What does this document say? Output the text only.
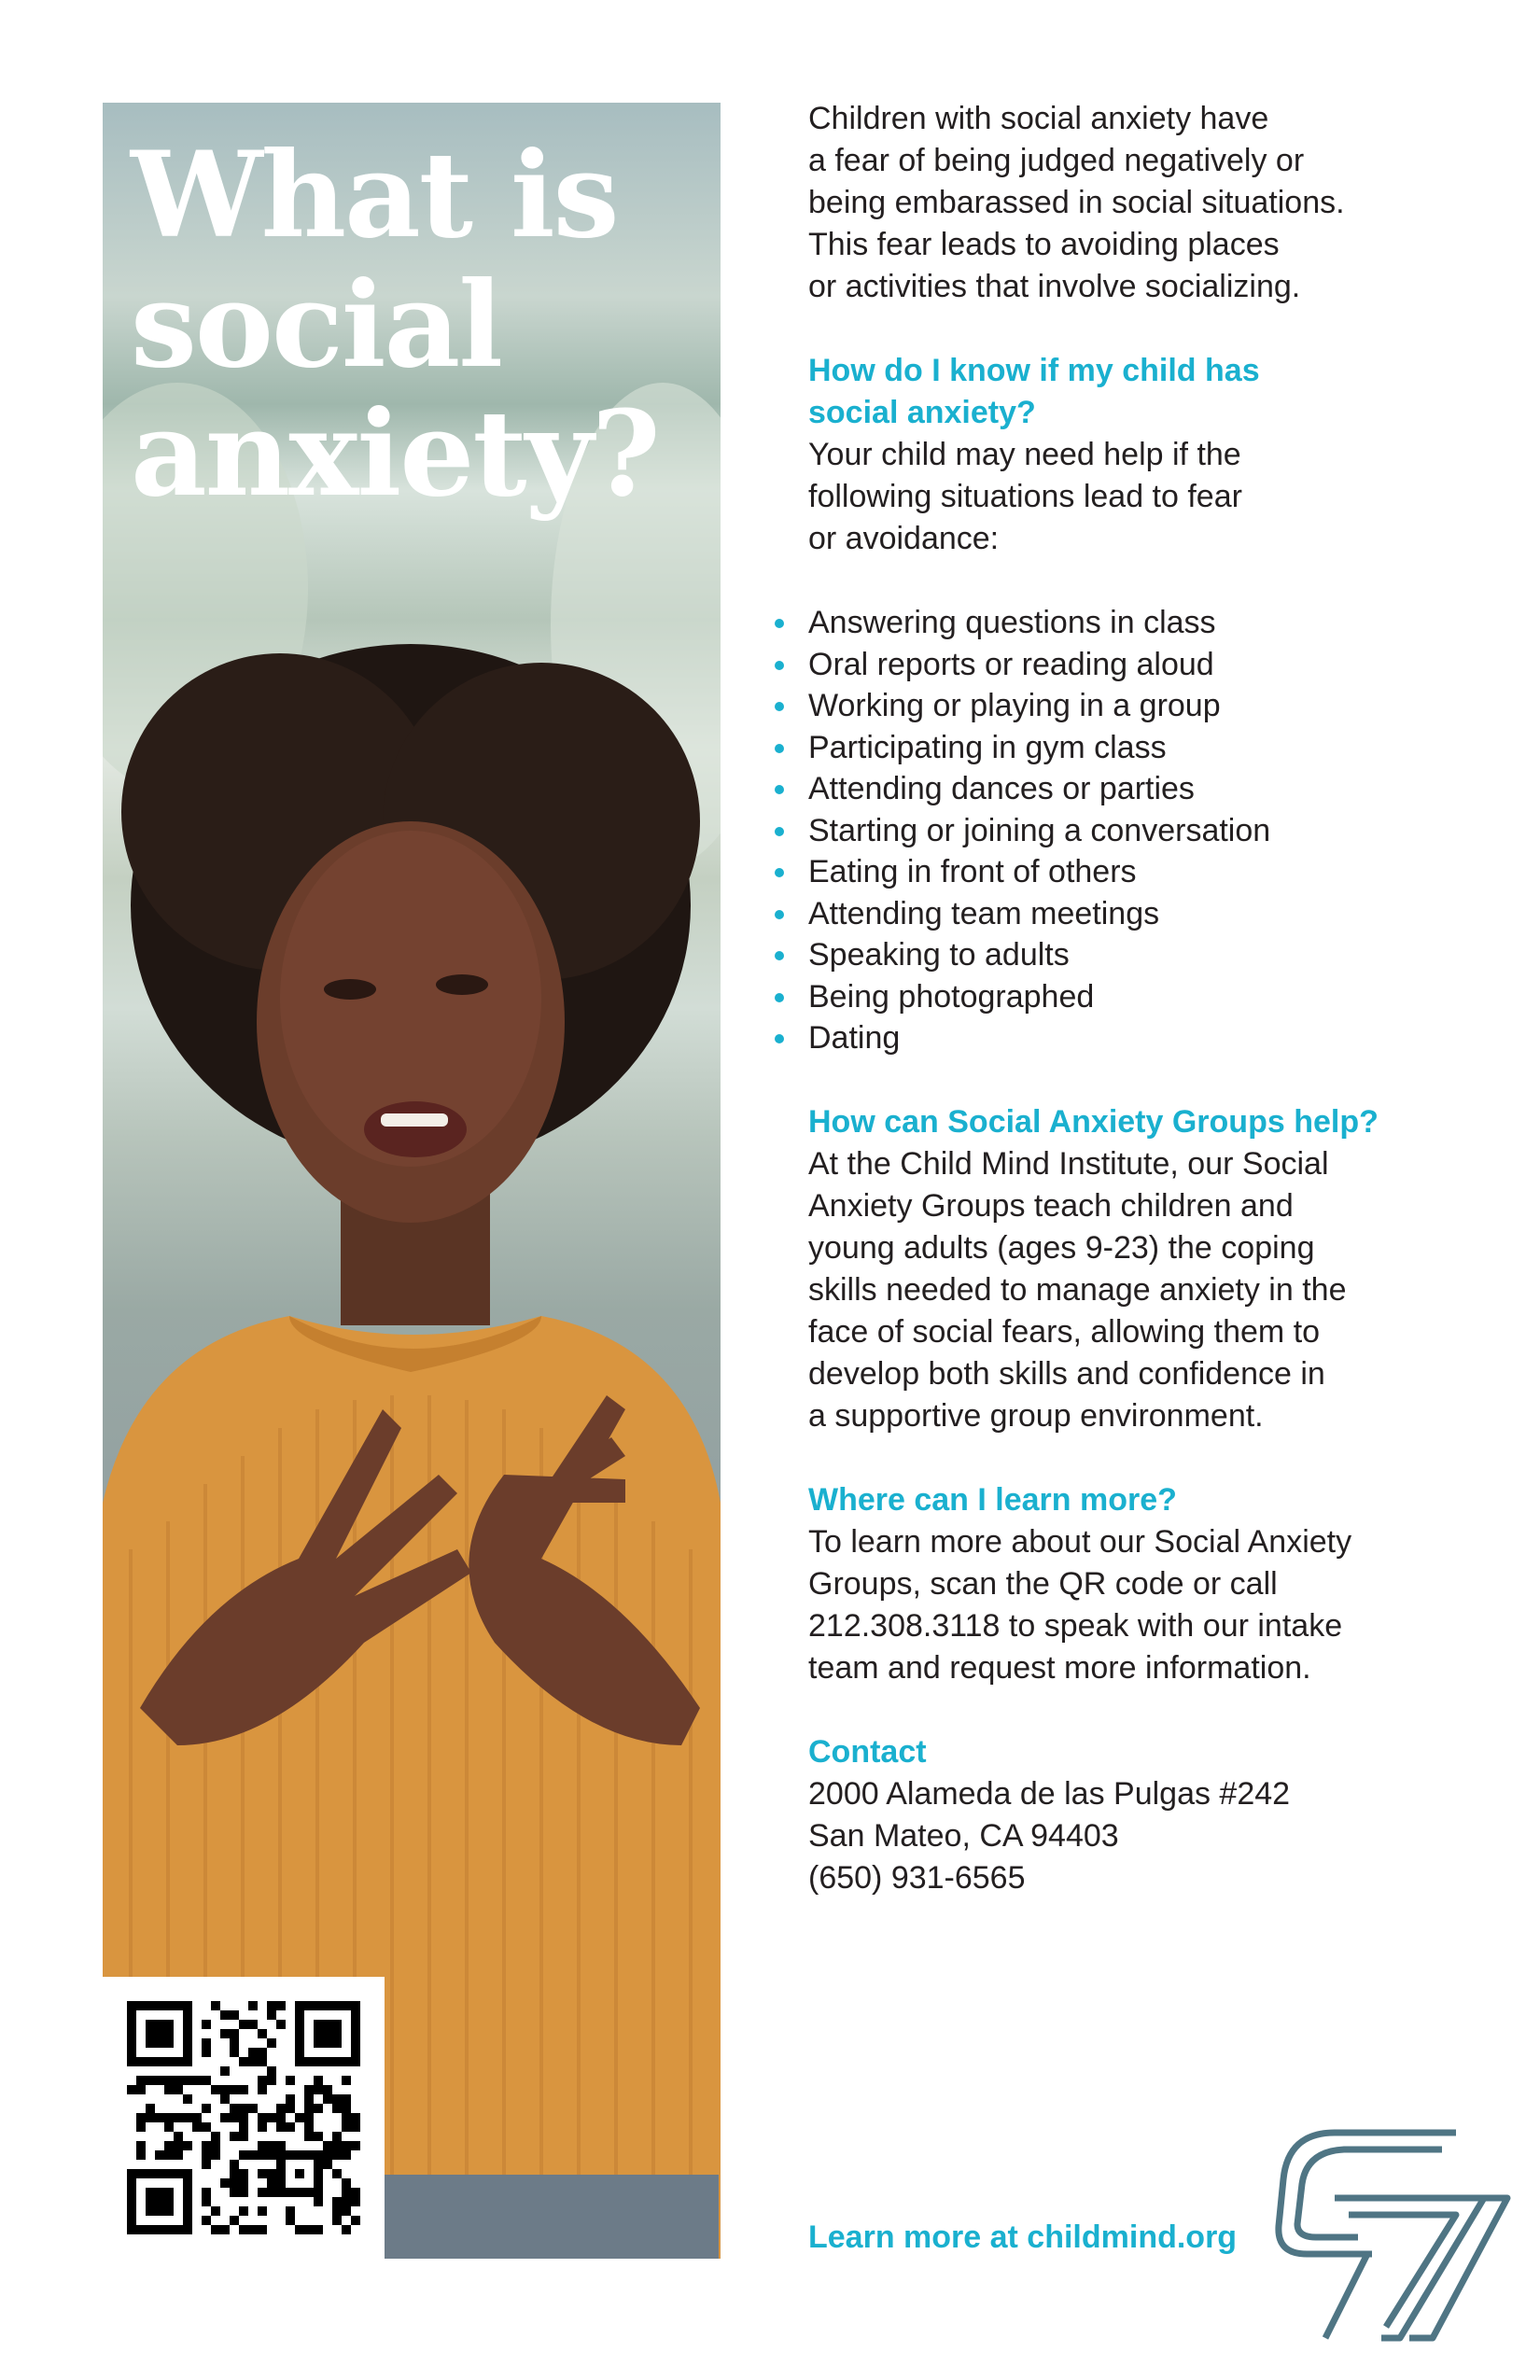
What is
social
anxiety?

Children with social anxiety have
a fear of being judged negatively or
being embarassed in social situations.
This fear leads to avoiding places
or activities that involve socializing.

How do I know if my child has
social anxiety?

Your child may need help if the
following situations lead to fear
or avoidance:

Answering questions in class
Oral reports or reading aloud
Working or playing in a group
Participating in gym class
Attending dances or parties
Starting or joining a conversation
Eating in front of others
Attending team meetings
Speaking to adults
Being photographed
Dating

How can Social Anxiety Groups help?

At the Child Mind Institute, our Social
Anxiety Groups teach children and
young adults (ages 9-23) the coping
skills needed to manage anxiety in the
face of social fears, allowing them to
develop both skills and confidence in
a supportive group environment.

Where can I learn more?

To learn more about our Social Anxiety
Groups, scan the QR code or call
212.308.3118 to speak with our intake
team and request more information.

Contact

2000 Alameda de las Pulgas #242

San Mateo, CA 94403

(650) 931-6565

Learn more at childmind.org
